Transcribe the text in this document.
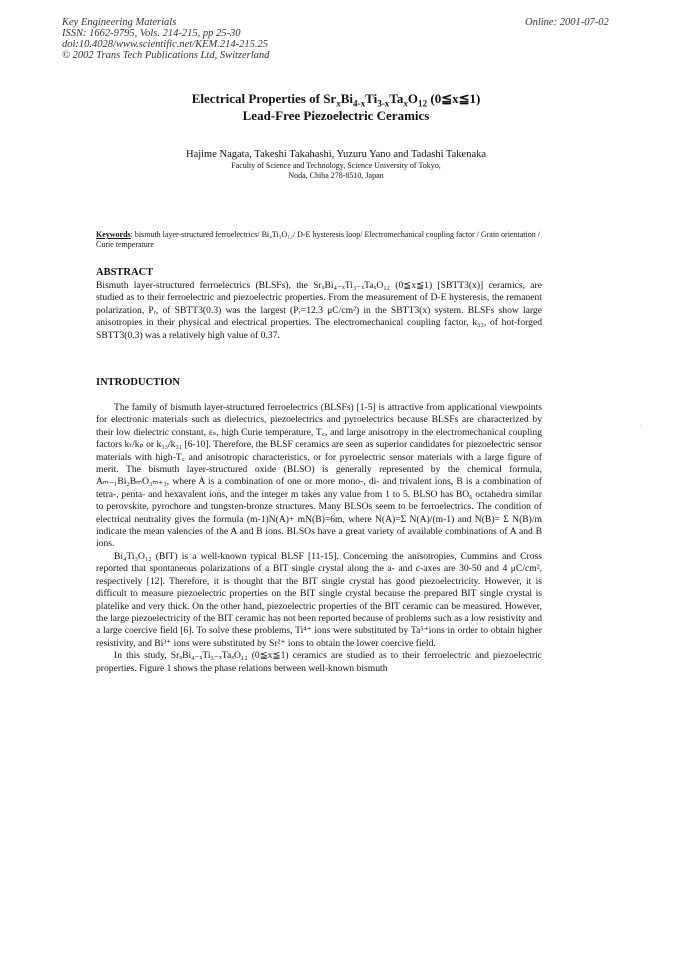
Key Engineering Materials
ISSN: 1662-9795, Vols. 214-215, pp 25-30
doi:10.4028/www.scientific.net/KEM.214-215.25
© 2002 Trans Tech Publications Ltd, Switzerland
Online: 2001-07-02
Electrical Properties of $Sr_xBi_{4-x}Ti_{3-x}Ta_xO_{12}$ (0≦x≦1)
Lead-Free Piezoelectric Ceramics
Hajime Nagata, Takeshi Takahashi, Yuzuru Yano and Tadashi Takenaka
Faculty of Science and Technology, Science University of Tokyo,
Noda, Chiba 278-8510, Japan
Keywords: bismuth layer-structured ferroelectrics/ Bi₄Ti₃O₁₂/ D-E hysteresis loop/ Electromechanical coupling factor / Grain orientation / Curie temperature
ABSTRACT

Bismuth layer-structured ferroelectrics (BLSFs), the SrₓBi₄₋ₓTi₃₋ₓTaₓO₁₂ (0≦x≦1) [SBTT3(x)] ceramics, are studied as to their ferroelectric and piezoelectric properties. From the measurement of D-E hysteresis, the remanent polarization, Pᵣ, of SBTT3(0.3) was the largest (Pᵣ=12.3 μC/cm²) in the SBTT3(x) system. BLSFs show large anisotropies in their physical and electrical properties. The electromechanical coupling factor, k₃₃, of hot-forged SBTT3(0.3) was a relatively high value of 0.37.

INTRODUCTION

The family of bismuth layer-structured ferroelectrics (BLSFs) [1-5] is attractive from applicational viewpoints for electronic materials such as dielectrics, piezoelectrics and pyroelectrics because BLSFs are characterized by their low dielectric constant, εₛ, high Curie temperature, T꜀, and large anisotropy in the electromechanical coupling factors kₜ/kₚ or k₃₃/k₃₁ [6-10]. Therefore, the BLSF ceramics are seen as superior candidates for piezoelectric sensor materials with high-T꜀ and anisotropic characteristics, or for pyroelectric sensor materials with a large figure of merit. The bismuth layer-structured oxide (BLSO) is generally represented by the chemical formula, Aₘ₋₁Bi₂BₘO₃ₘ₊₃, where A is a combination of one or more mono-, di- and trivalent ions, B is a combination of tetra-, penta- and hexavalent ions, and the integer m takes any value from 1 to 5. BLSO has BO₆ octahedra similar to perovskite, pyrochore and tungsten-bronze structures. Many BLSOs seem to be ferroelectrics. The condition of electrical neutrality gives the formula (m-1)N(A)+ mN(B)=6m, where N(A)=Σ N(A)/(m-1) and N(B)= Σ N(B)/m indicate the mean valencies of the A and B ions. BLSOs have a great variety of available combinations of A and B ions.

Bi₄Ti₃O₁₂ (BIT) is a well-known typical BLSF [11-15]. Concerning the anisotropies, Cummins and Cross reported that spontaneous polarizations of a BIT single crystal along the a- and c-axes are 30-50 and 4 μC/cm², respectively [12]. Therefore, it is thought that the BIT single crystal has good piezoelectricity. However, it is difficult to measure piezoelectric properties on the BIT single crystal because the prepared BIT single crystal is platelike and very thick. On the other hand, piezoelectric properties of the BIT ceramic can be measured. However, the large piezoelectricity of the BIT ceramic has not been reported because of problems such as a low resistivity and a large coercive field [6]. To solve these problems, Ti⁴⁺ ions were substituted by Ta⁵⁺ions in order to obtain higher resistivity, and Bi³⁺ ions were substituted by Sr²⁺ ions to obtain the lower coercive field.

In this study, SrₓBi₄₋ₓTi₃₋ₓTaₓO₁₂ (0≦x≦1) ceramics are studied as to their ferroelectric and piezoelectric properties. Figure 1 shows the phase relations between well-known bismuth
